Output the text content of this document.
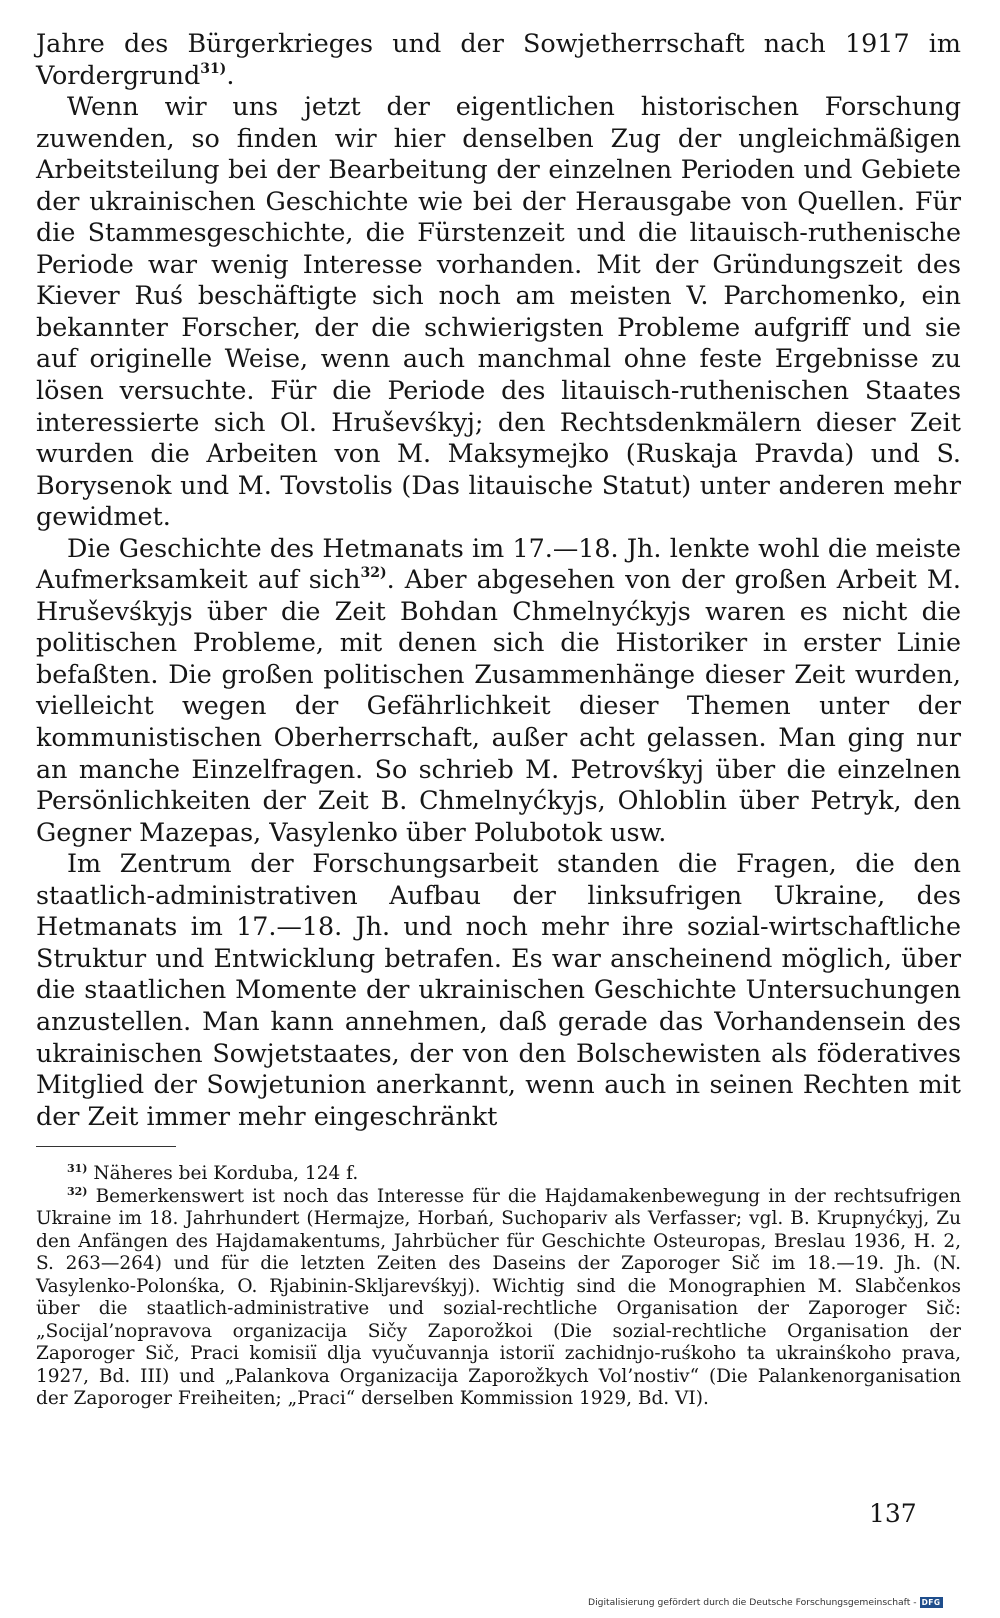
Jahre des Bürgerkrieges und der Sowjetherrschaft nach 1917 im Vordergrund$^{31)}$.

Wenn wir uns jetzt der eigentlichen historischen Forschung zuwenden, so finden wir hier denselben Zug der ungleichmäßigen Arbeitsteilung bei der Bearbeitung der einzelnen Perioden und Gebiete der ukrainischen Geschichte wie bei der Herausgabe von Quellen. Für die Stammesgeschichte, die Fürstenzeit und die litauisch-ruthenische Periode war wenig Interesse vorhanden. Mit der Gründungszeit des Kiever Ruś beschäftigte sich noch am meisten V. Parchomenko, ein bekannter Forscher, der die schwierigsten Probleme aufgriff und sie auf originelle Weise, wenn auch manchmal ohne feste Ergebnisse zu lösen versuchte. Für die Periode des litauisch-ruthenischen Staates interessierte sich Ol. Hruševśkyj; den Rechtsdenkmälern dieser Zeit wurden die Arbeiten von M. Maksymejko (Ruskaja Pravda) und S. Borysenok und M. Tovstolis (Das litauische Statut) unter anderen mehr gewidmet.

Die Geschichte des Hetmanats im 17.—18. Jh. lenkte wohl die meiste Aufmerksamkeit auf sich$^{32)}$. Aber abgesehen von der großen Arbeit M. Hruševśkyjs über die Zeit Bohdan Chmelnyćkyjs waren es nicht die politischen Probleme, mit denen sich die Historiker in erster Linie befaßten. Die großen politischen Zusammenhänge dieser Zeit wurden, vielleicht wegen der Gefährlichkeit dieser Themen unter der kommunistischen Oberherrschaft, außer acht gelassen. Man ging nur an manche Einzelfragen. So schrieb M. Petrovśkyj über die einzelnen Persönlichkeiten der Zeit B. Chmelnyćkyjs, Ohloblin über Petryk, den Gegner Mazepas, Vasylenko über Polubotok usw.

Im Zentrum der Forschungsarbeit standen die Fragen, die den staatlich-administrativen Aufbau der linksufrigen Ukraine, des Hetmanats im 17.—18. Jh. und noch mehr ihre sozial-wirtschaftliche Struktur und Entwicklung betrafen. Es war anscheinend möglich, über die staatlichen Momente der ukrainischen Geschichte Untersuchungen anzustellen. Man kann annehmen, daß gerade das Vorhandensein des ukrainischen Sowjetstaates, der von den Bolschewisten als föderatives Mitglied der Sowjetunion anerkannt, wenn auch in seinen Rechten mit der Zeit immer mehr eingeschränkt

$^{31)}$ Näheres bei Korduba, 124 f.

$^{32)}$ Bemerkenswert ist noch das Interesse für die Hajdamakenbewegung in der rechtsufrigen Ukraine im 18. Jahrhundert (Hermajze, Horbań, Suchopariv als Verfasser; vgl. B. Krupnyćkyj, Zu den Anfängen des Hajdamakentums, Jahrbücher für Geschichte Osteuropas, Breslau 1936, H. 2, S. 263—264) und für die letzten Zeiten des Daseins der Zaporoger Sič im 18.—19. Jh. (N. Vasylenko-Polonśka, O. Rjabinin-Skljarevśkyj). Wichtig sind die Monographien M. Slabčenkos über die staatlich-administrative und sozial-rechtliche Organisation der Zaporoger Sič: „Socijal’nopravova organizacija Sičy Zaporožkoi (Die sozial-rechtliche Organisation der Zaporoger Sič, Praci komisiï dlja vyučuvannja istoriï zachidnjo-ruśkoho ta ukrainśkoho prava, 1927, Bd. III) und „Palankova Organizacija Zaporožkych Vol’nostiv“ (Die Palankenorganisation der Zaporoger Freiheiten; „Praci“ derselben Kommission 1929, Bd. VI).

137
Digitalisierung gefördert durch die Deutsche Forschungsgemeinschaft - DFG
